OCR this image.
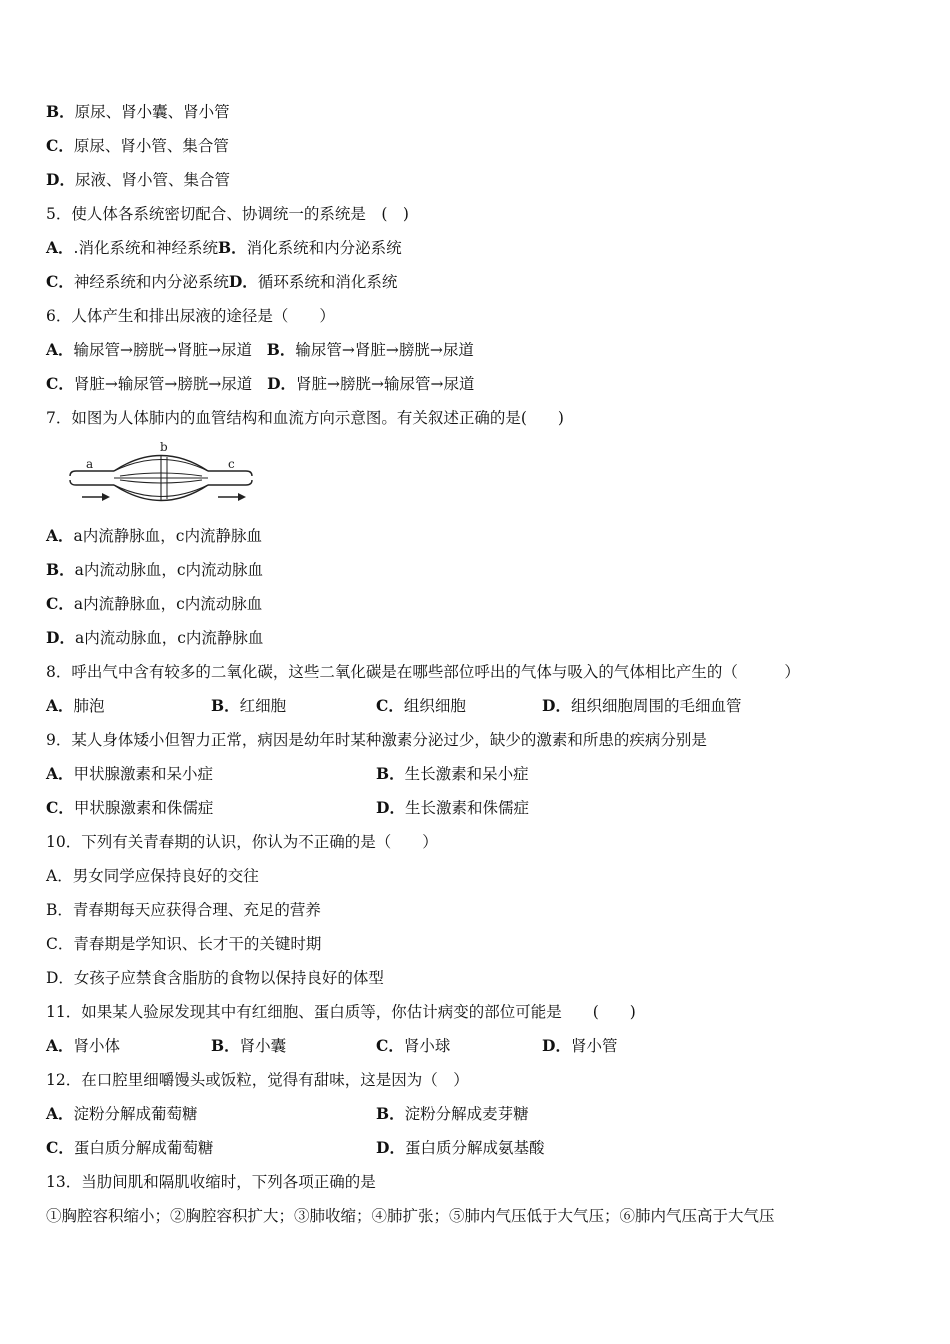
B．原尿、肾小囊、肾小管
C．原尿、肾小管、集合管
D．尿液、肾小管、集合管
5．使人体各系统密切配合、协调统一的系统是　(　)
A．.消化系统和神经系统B．消化系统和内分泌系统
C．神经系统和内分泌系统D．循环系统和消化系统
6．人体产生和排出尿液的途径是（　　）
A．输尿管→膀胱→肾脏→尿道 B．输尿管→肾脏→膀胱→尿道
C．肾脏→输尿管→膀胱→尿道 D．肾脏→膀胱→输尿管→尿道
7．如图为人体肺内的血管结构和血流方向示意图。有关叙述正确的是(　　)
a
b
c
A．a内流静脉血，c内流静脉血
B．a内流动脉血，c内流动脉血
C．a内流静脉血，c内流动脉血
D．a内流动脉血，c内流静脉血
8．呼出气中含有较多的二氧化碳，这些二氧化碳是在哪些部位呼出的气体与吸入的气体相比产生的（　　　）
A．肺泡	B．红细胞	C．组织细胞	D．组织细胞周围的毛细血管
9．某人身体矮小但智力正常，病因是幼年时某种激素分泌过少，缺少的激素和所患的疾病分别是
A．甲状腺激素和呆小症	B．生长激素和呆小症
C．甲状腺激素和侏儒症	D．生长激素和侏儒症
10．下列有关青春期的认识，你认为不正确的是（　　）
A．男女同学应保持良好的交往
B．青春期每天应获得合理、充足的营养
C．青春期是学知识、长才干的关键时期
D．女孩子应禁食含脂肪的食物以保持良好的体型
11．如果某人验尿发现其中有红细胞、蛋白质等，你估计病变的部位可能是　　(　　)
A．肾小体	B．肾小囊	C．肾小球	D．肾小管
12．在口腔里细嚼馒头或饭粒，觉得有甜味，这是因为（　）
A．淀粉分解成葡萄糖	B．淀粉分解成麦芽糖
C．蛋白质分解成葡萄糖	D．蛋白质分解成氨基酸
13．当肋间肌和隔肌收缩时，下列各项正确的是
①胸腔容积缩小；②胸腔容积扩大；③肺收缩；④肺扩张；⑤肺内气压低于大气压；⑥肺内气压高于大气压
